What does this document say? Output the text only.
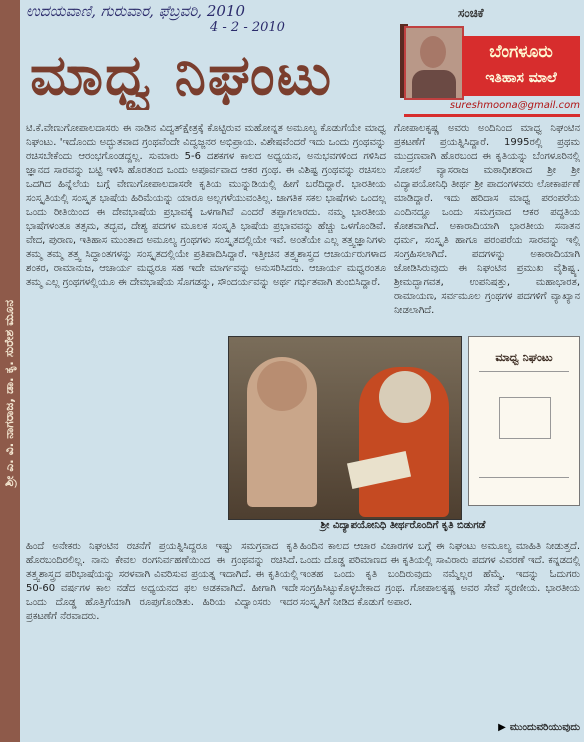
ಶ್ರೀ ಎ. ವಿ. ನಾಗರಾಜ, ಡಾ. ಕೃ. ಸುರೇಶ ಮೂನ
ಉದಯವಾಣಿ, ಗುರುವಾರ, ಫೆಬ್ರವರಿ, 2010
4 - 2 - 2010
ಮಾಧ್ವ ನಿಘಂಟು
ಸಂಚಿಕೆ
ಬೆಂಗಳೂರು
ಇತಿಹಾಸ ಮಾಲೆ
sureshmoona@gmail.com

ಟಿ.ಕೆ.ವೇಣುಗೋಪಾಲದಾಸರು ಈ ನಾಡಿನ ವಿದ್ವತ್‌ಕ್ಷೇತ್ರಕ್ಕೆ ಕೊಟ್ಟಿರುವ ಮಹೋನ್ನತ ಅಮೂಲ್ಯ ಕೊಡುಗೆಯೇ ಮಾಧ್ವ ನಿಘಂಟು. 'ಇದೊಂದು ಅದ್ಭುತವಾದ ಗ್ರಂಥವೆಂದೇ ವಿದ್ವಜ್ಜನರ ಅಭಿಪ್ರಾಯ. ವಿಶೇಷವೆಂದರೆ ಇದು ಒಂದು ಗ್ರಂಥವನ್ನು ರಚಿಸಬೇಕೆಂದು ಆರಂಭಗೊಂಡದ್ದಲ್ಲ. ಸುಮಾರು 5-6 ದಶಕಗಳ ಕಾಲದ ಅಧ್ಯಯನ, ಅನುಭವಗಳಿಂದ ಗಳಿಸಿದ ಜ್ಞಾನದ ಸಾರವನ್ನು ಬಟ್ಟಿ ಇಳಿಸಿ ಹೊರತಂದ ಒಂದು ಅಪೂರ್ವವಾದ ಆಕರ ಗ್ರಂಥ. ಈ ವಿಶಿಷ್ಟ ಗ್ರಂಥವನ್ನು ರಚಿಸಲು ಒದಗಿದ ಹಿನ್ನೆಲೆಯ ಬಗ್ಗೆ ವೇಣುಗೋಪಾಲದಾಸರೇ ಕೃತಿಯ ಮುನ್ನುಡಿಯಲ್ಲಿ ಹೀಗೆ ಬರೆದಿದ್ದಾರೆ. ಭಾರತೀಯ ಸಂಸ್ಕೃತಿಯಲ್ಲಿ ಸಂಸ್ಕೃತ ಭಾಷೆಯ ಹಿರಿಮೆಯನ್ನು ಯಾರೂ ಅಲ್ಲಗಳೆಯುವಂತಿಲ್ಲ. ಜಾಗತಿಕ ಸಕಲ ಭಾಷೆಗಳು ಒಂದಲ್ಲ ಒಂದು ರೀತಿಯಿಂದ ಈ ದೇವಭಾಷೆಯ ಪ್ರಭಾವಕ್ಕೆ ಒಳಗಾಗಿವೆ ಎಂದರೆ ತಪ್ಪಾಗಲಾರದು. ನಮ್ಮ ಭಾರತೀಯ ಭಾಷೆಗಳಂತೂ ತತ್ಸಮ, ತದ್ಭವ, ದೇಶ್ಯ ಪದಗಳ ಮೂಲಕ ಸಂಸ್ಕೃತಿ ಭಾಷೆಯ ಪ್ರಭಾವವನ್ನು ಹೆಚ್ಚು ಒಳಗೊಂಡಿವೆ. ವೇದ, ಪುರಾಣ, ಇತಿಹಾಸ ಮುಂತಾದ ಅಮೂಲ್ಯ ಗ್ರಂಥಗಳು ಸಂಸ್ಕೃತದಲ್ಲಿಯೇ ಇವೆ. ಅಂತೆಯೇ ಎಲ್ಲ ತತ್ತ್ವಜ್ಞಾನಿಗಳು ತಮ್ಮ ತಮ್ಮ ತತ್ತ್ವ ಸಿದ್ಧಾಂತಗಳನ್ನು ಸಂಸ್ಕೃತದಲ್ಲಿಯೇ ಪ್ರತಿಪಾದಿಸಿದ್ದಾರೆ. ಇತ್ತೀಚಿನ ತತ್ತ್ವಶಾಸ್ತ್ರದ ಆಚಾರ್ಯರುಗಳಾದ ಶಂಕರ, ರಾಮಾನುಜ, ಆಚಾರ್ಯ ಮಧ್ವರೂ ಸಹ ಇದೇ ಮಾರ್ಗವನ್ನು ಅನುಸರಿಸಿದರು. ಆಚಾರ್ಯ ಮಧ್ವರಂತೂ ತಮ್ಮ ಎಲ್ಲ ಗ್ರಂಥಗಳಲ್ಲಿಯೂ ಈ ದೇವಭಾಷೆಯ ಸೊಗಡನ್ನು, ಸೌಂದರ್ಯವನ್ನು ಅರ್ಥ ಗರ್ಭಿತವಾಗಿ ತುಂಬಿಸಿದ್ದಾರೆ.

ಗೋಪಾಲಕೃಷ್ಣ ಅವರು ಅಂದಿನಿಂದ ಮಾಧ್ವ ನಿಘಂಟಿನ ಪ್ರಕಟಣೆಗೆ ಪ್ರಯತ್ನಿಸಿದ್ದಾರೆ. 1995ರಲ್ಲಿ ಪ್ರಥಮ ಮುದ್ರಣವಾಗಿ ಹೊರಬಂದ ಈ ಕೃತಿಯನ್ನು ಬೆಂಗಳೂರಿನಲ್ಲಿ ಸೋಸಲೆ ವ್ಯಾಸರಾಜ ಮಠಾಧೀಶರಾದ ಶ್ರೀ ಶ್ರೀ ವಿದ್ಯಾಪಯೋನಿಧಿ ತೀರ್ಥ ಶ್ರೀ ಪಾದಂಗಳವರು ಲೋಕಾರ್ಪಣೆ ಮಾಡಿದ್ದಾರೆ. ಇದು ಹರಿದಾಸ ಮಾಧ್ವ ಪರಂಪರೆಯ ಎಂದಿನದ್ದೂ ಒಂದು ಸಮಗ್ರವಾದ ಆಕರ ಪದ್ಧತಿಯ ಕೋಶವಾಗಿದೆ. ಅಕಾರಾದಿಯಾಗಿ ಭಾರತೀಯ ಸನಾತನ ಧರ್ಮ, ಸಂಸ್ಕೃತಿ ಹಾಗೂ ಪರಂಪರೆಯ ಸಾರವನ್ನು ಇಲ್ಲಿ ಸಂಗ್ರಹಿಸಲಾಗಿದೆ. ಪದಗಳನ್ನು ಅಕಾರಾದಿಯಾಗಿ ಜೋಡಿಸಿರುವುದು ಈ ನಿಘಂಟಿನ ಪ್ರಮುಖ ವೈಶಿಷ್ಟ್ಯ. ಶ್ರೀಮದ್ಭಾಗವತ, ಉಪನಿಷತ್ತು, ಮಹಾಭಾರತ, ರಾಮಾಯಣ, ಸರ್ವಮೂಲ ಗ್ರಂಥಗಳ ಪದಗಳಿಗೆ ವ್ಯಾಖ್ಯಾನ ನೀಡಲಾಗಿದೆ.

ಮಾಧ್ವ ನಿಘಂಟು
ಶ್ರೀ ವಿದ್ಯಾಪಯೋನಿಧಿ ತೀರ್ಥರೊಂದಿಗೆ ಕೃತಿ ಬಿಡುಗಡೆ

ಹಿಂದೆ ಅನೇಕರು ನಿಘಂಟಿನ ರಚನೆಗೆ ಪ್ರಯತ್ನಿಸಿದ್ದರೂ ಇಷ್ಟು ಸಮಗ್ರವಾದ ಕೃತಿ ಹೊರಬಂದಿರಲಿಲ್ಲ. ನಾನು ಕೇವಲ ರಂಗನಿರ್ವಹಣೆಯಿಂದ ಈ ಗ್ರಂಥವನ್ನು ರಚಿಸಿದೆ. ತತ್ತ್ವಶಾಸ್ತ್ರದ ಪರಿಭಾಷೆಯನ್ನು ಸರಳವಾಗಿ ವಿವರಿಸುವ ಪ್ರಯತ್ನ ಇದಾಗಿದೆ. ಈ ಕೃತಿಯಲ್ಲಿ 50-60 ವರ್ಷಗಳ ಕಾಲ ನಡೆದ ಅಧ್ಯಯನದ ಫಲ ಅಡಕವಾಗಿದೆ. ಹೀಗಾಗಿ ಇದೇ ಒಂದು ದೊಡ್ಡ ಹೊತ್ತಿಗೆಯಾಗಿ ರೂಪುಗೊಂಡಿತು. ಹಿರಿಯ ವಿದ್ವಾಂಸರು ಇದರ ಪ್ರಕಟಣೆಗೆ ನೆರವಾದರು.

ಹಿಂದಿನ ಕಾಲದ ಆಚಾರ ವಿಚಾರಗಳ ಬಗ್ಗೆ ಈ ನಿಘಂಟು ಅಮೂಲ್ಯ ಮಾಹಿತಿ ನೀಡುತ್ತದೆ. ಒಂದು ದೊಡ್ಡ ಪರಿಮಾಣದ ಈ ಕೃತಿಯಲ್ಲಿ ಸಾವಿರಾರು ಪದಗಳ ವಿವರಣೆ ಇದೆ. ಕನ್ನಡದಲ್ಲಿ ಇಂತಹ ಒಂದು ಕೃತಿ ಬಂದಿರುವುದು ನಮ್ಮೆಲ್ಲರ ಹೆಮ್ಮೆ. ಇದನ್ನು ಓದುಗರು ಸಂಗ್ರಹಿಸಿಟ್ಟುಕೊಳ್ಳಬೇಕಾದ ಗ್ರಂಥ. ಗೋಪಾಲಕೃಷ್ಣ ಅವರ ಸೇವೆ ಸ್ಮರಣೀಯ. ಭಾರತೀಯ ಸಂಸ್ಕೃತಿಗೆ ನೀಡಿದ ಕೊಡುಗೆ ಅಪಾರ.

▶ ಮುಂದುವರಿಯುವುದು
